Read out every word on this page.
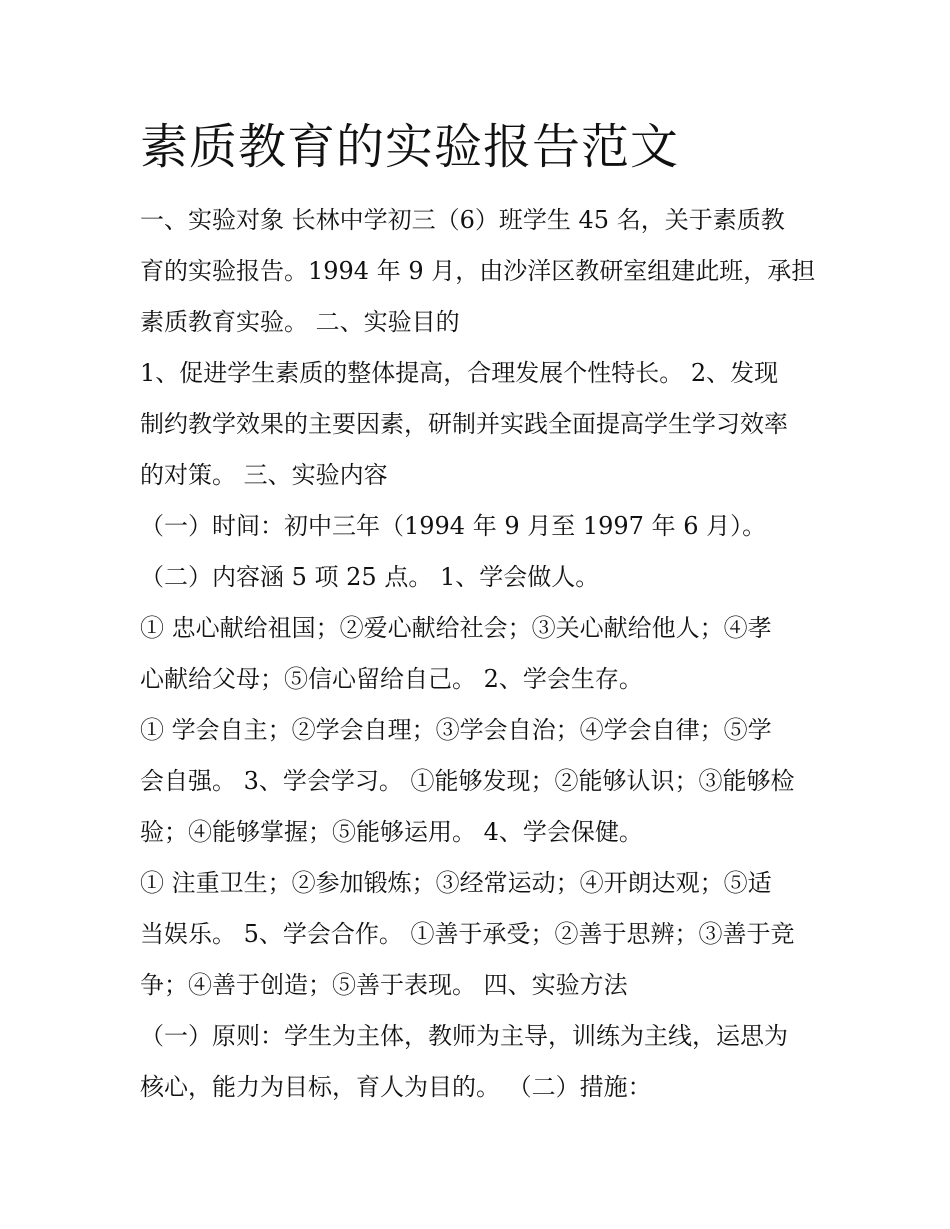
素质教育的实验报告范文

一、实验对象 长林中学初三（6）班学生 45 名，关于素质教

育的实验报告。1994 年 9 月，由沙洋区教研室组建此班，承担

素质教育实验。 二、实验目的

1、促进学生素质的整体提高，合理发展个性特长。 2、发现

制约教学效果的主要因素，研制并实践全面提高学生学习效率

的对策。 三、实验内容

（一）时间：初中三年（1994 年 9 月至 1997 年 6 月）。

（二）内容涵 5 项 25 点。 1、学会做人。

① 忠心献给祖国；②爱心献给社会；③关心献给他人；④孝

心献给父母；⑤信心留给自己。 2、学会生存。

① 学会自主；②学会自理；③学会自治；④学会自律；⑤学

会自强。 3、学会学习。 ①能够发现；②能够认识；③能够检

验；④能够掌握；⑤能够运用。 4、学会保健。

① 注重卫生；②参加锻炼；③经常运动；④开朗达观；⑤适

当娱乐。 5、学会合作。 ①善于承受；②善于思辨；③善于竞

争；④善于创造；⑤善于表现。 四、实验方法

（一）原则：学生为主体，教师为主导，训练为主线，运思为

核心，能力为目标，育人为目的。 （二）措施：
